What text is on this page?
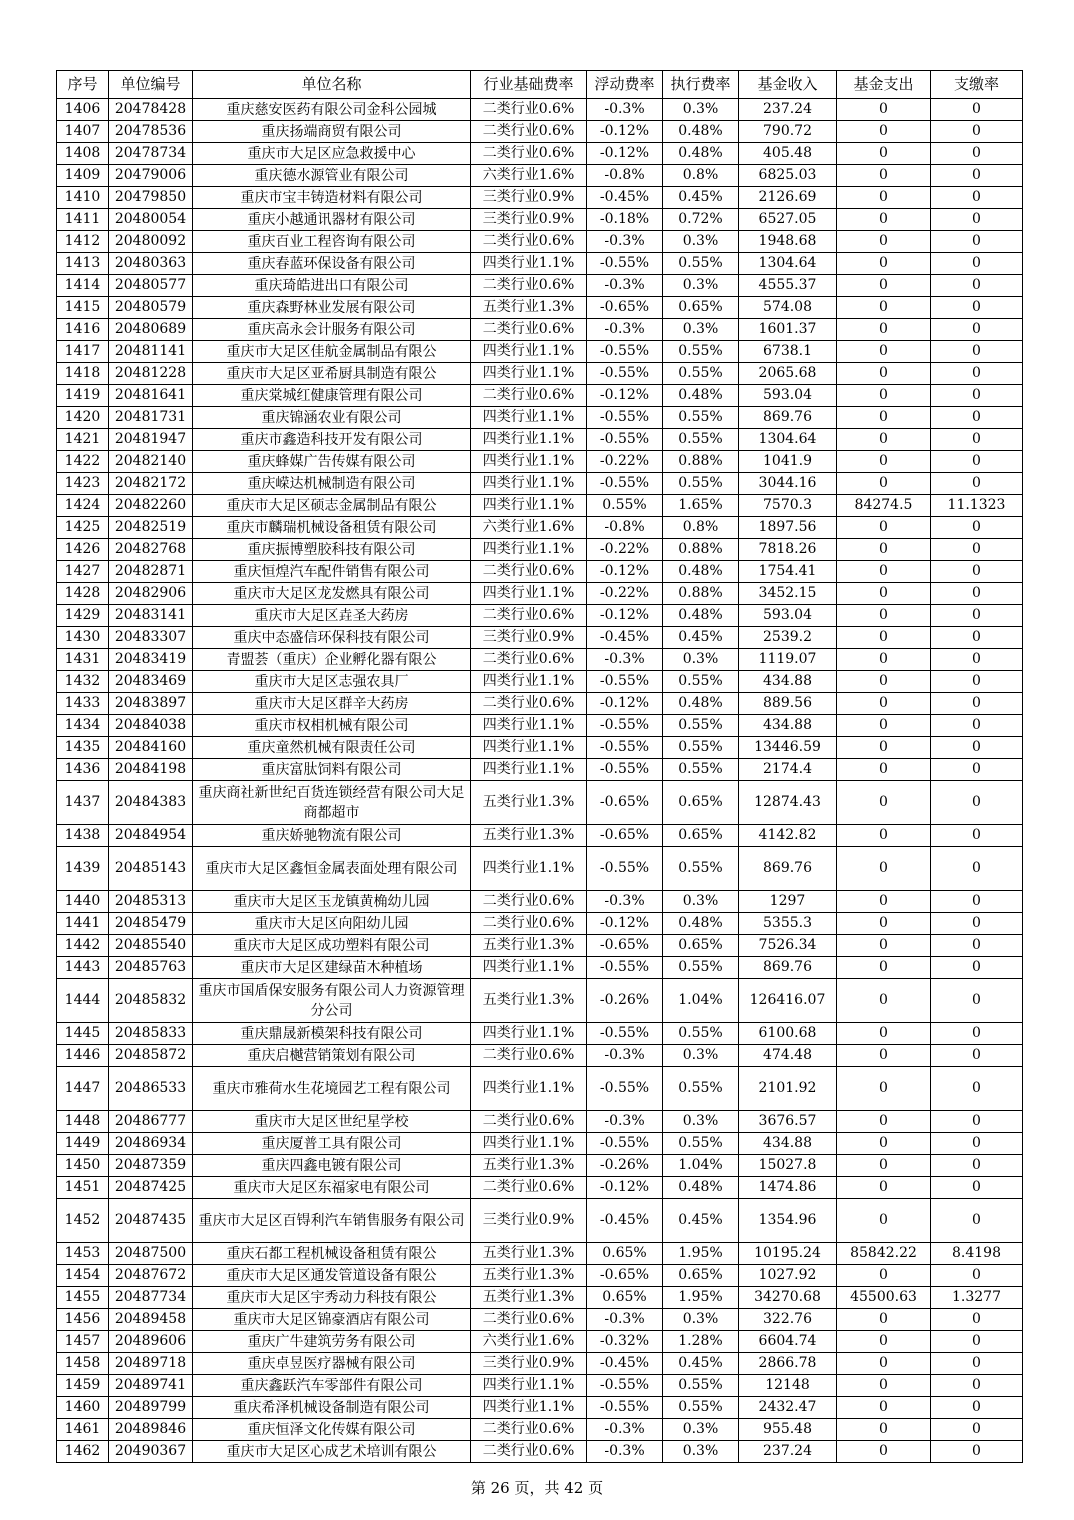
序号	单位编号	单位名称	行业基础费率	浮动费率	执行费率	基金收入	基金支出	支缴率
1406	20478428	重庆慈安医药有限公司金科公园城	二类行业0.6%	-0.3%	0.3%	237.24	0	0
1407	20478536	重庆扬端商贸有限公司	二类行业0.6%	-0.12%	0.48%	790.72	0	0
1408	20478734	重庆市大足区应急救援中心	二类行业0.6%	-0.12%	0.48%	405.48	0	0
1409	20479006	重庆德水源管业有限公司	六类行业1.6%	-0.8%	0.8%	6825.03	0	0
1410	20479850	重庆市宝丰铸造材料有限公司	三类行业0.9%	-0.45%	0.45%	2126.69	0	0
1411	20480054	重庆小越通讯器材有限公司	三类行业0.9%	-0.18%	0.72%	6527.05	0	0
1412	20480092	重庆百业工程咨询有限公司	二类行业0.6%	-0.3%	0.3%	1948.68	0	0
1413	20480363	重庆春蓝环保设备有限公司	四类行业1.1%	-0.55%	0.55%	1304.64	0	0
1414	20480577	重庆琦皓进出口有限公司	二类行业0.6%	-0.3%	0.3%	4555.37	0	0
1415	20480579	重庆森野林业发展有限公司	五类行业1.3%	-0.65%	0.65%	574.08	0	0
1416	20480689	重庆高永会计服务有限公司	二类行业0.6%	-0.3%	0.3%	1601.37	0	0
1417	20481141	重庆市大足区佳航金属制品有限公	四类行业1.1%	-0.55%	0.55%	6738.1	0	0
1418	20481228	重庆市大足区亚希厨具制造有限公	四类行业1.1%	-0.55%	0.55%	2065.68	0	0
1419	20481641	重庆棠城红健康管理有限公司	二类行业0.6%	-0.12%	0.48%	593.04	0	0
1420	20481731	重庆锦涵农业有限公司	四类行业1.1%	-0.55%	0.55%	869.76	0	0
1421	20481947	重庆市鑫造科技开发有限公司	四类行业1.1%	-0.55%	0.55%	1304.64	0	0
1422	20482140	重庆蜂媒广告传媒有限公司	四类行业1.1%	-0.22%	0.88%	1041.9	0	0
1423	20482172	重庆嵘达机械制造有限公司	四类行业1.1%	-0.55%	0.55%	3044.16	0	0
1424	20482260	重庆市大足区硕志金属制品有限公	四类行业1.1%	0.55%	1.65%	7570.3	84274.5	11.1323
1425	20482519	重庆市麟瑞机械设备租赁有限公司	六类行业1.6%	-0.8%	0.8%	1897.56	0	0
1426	20482768	重庆振博塑胶科技有限公司	四类行业1.1%	-0.22%	0.88%	7818.26	0	0
1427	20482871	重庆恒煌汽车配件销售有限公司	二类行业0.6%	-0.12%	0.48%	1754.41	0	0
1428	20482906	重庆市大足区龙发燃具有限公司	四类行业1.1%	-0.22%	0.88%	3452.15	0	0
1429	20483141	重庆市大足区垚圣大药房	二类行业0.6%	-0.12%	0.48%	593.04	0	0
1430	20483307	重庆中态盛信环保科技有限公司	三类行业0.9%	-0.45%	0.45%	2539.2	0	0
1431	20483419	青盟荟（重庆）企业孵化器有限公	二类行业0.6%	-0.3%	0.3%	1119.07	0	0
1432	20483469	重庆市大足区志强农具厂	四类行业1.1%	-0.55%	0.55%	434.88	0	0
1433	20483897	重庆市大足区群辛大药房	二类行业0.6%	-0.12%	0.48%	889.56	0	0
1434	20484038	重庆市权相机械有限公司	四类行业1.1%	-0.55%	0.55%	434.88	0	0
1435	20484160	重庆童然机械有限责任公司	四类行业1.1%	-0.55%	0.55%	13446.59	0	0
1436	20484198	重庆富肽饲料有限公司	四类行业1.1%	-0.55%	0.55%	2174.4	0	0
1437	20484383	重庆商社新世纪百货连锁经营有限公司大足商都超市	五类行业1.3%	-0.65%	0.65%	12874.43	0	0
1438	20484954	重庆娇驰物流有限公司	五类行业1.3%	-0.65%	0.65%	4142.82	0	0
1439	20485143	重庆市大足区鑫恒金属表面处理有限公司	四类行业1.1%	-0.55%	0.55%	869.76	0	0
1440	20485313	重庆市大足区玉龙镇黄桷幼儿园	二类行业0.6%	-0.3%	0.3%	1297	0	0
1441	20485479	重庆市大足区向阳幼儿园	二类行业0.6%	-0.12%	0.48%	5355.3	0	0
1442	20485540	重庆市大足区成功塑料有限公司	五类行业1.3%	-0.65%	0.65%	7526.34	0	0
1443	20485763	重庆市大足区建绿苗木种植场	四类行业1.1%	-0.55%	0.55%	869.76	0	0
1444	20485832	重庆市国盾保安服务有限公司人力资源管理分公司	五类行业1.3%	-0.26%	1.04%	126416.07	0	0
1445	20485833	重庆鼎晟新模架科技有限公司	四类行业1.1%	-0.55%	0.55%	6100.68	0	0
1446	20485872	重庆启樾营销策划有限公司	二类行业0.6%	-0.3%	0.3%	474.48	0	0
1447	20486533	重庆市雅荷水生花境园艺工程有限公司	四类行业1.1%	-0.55%	0.55%	2101.92	0	0
1448	20486777	重庆市大足区世纪星学校	二类行业0.6%	-0.3%	0.3%	3676.57	0	0
1449	20486934	重庆厦普工具有限公司	四类行业1.1%	-0.55%	0.55%	434.88	0	0
1450	20487359	重庆四鑫电镀有限公司	五类行业1.3%	-0.26%	1.04%	15027.8	0	0
1451	20487425	重庆市大足区东福家电有限公司	二类行业0.6%	-0.12%	0.48%	1474.86	0	0
1452	20487435	重庆市大足区百锝利汽车销售服务有限公司	三类行业0.9%	-0.45%	0.45%	1354.96	0	0
1453	20487500	重庆石都工程机械设备租赁有限公	五类行业1.3%	0.65%	1.95%	10195.24	85842.22	8.4198
1454	20487672	重庆市大足区通发管道设备有限公	五类行业1.3%	-0.65%	0.65%	1027.92	0	0
1455	20487734	重庆市大足区宇秀动力科技有限公	五类行业1.3%	0.65%	1.95%	34270.68	45500.63	1.3277
1456	20489458	重庆市大足区锦豪酒店有限公司	二类行业0.6%	-0.3%	0.3%	322.76	0	0
1457	20489606	重庆广牛建筑劳务有限公司	六类行业1.6%	-0.32%	1.28%	6604.74	0	0
1458	20489718	重庆卓昱医疗器械有限公司	三类行业0.9%	-0.45%	0.45%	2866.78	0	0
1459	20489741	重庆鑫跃汽车零部件有限公司	四类行业1.1%	-0.55%	0.55%	12148	0	0
1460	20489799	重庆希泽机械设备制造有限公司	四类行业1.1%	-0.55%	0.55%	2432.47	0	0
1461	20489846	重庆恒泽文化传媒有限公司	二类行业0.6%	-0.3%	0.3%	955.48	0	0
1462	20490367	重庆市大足区心成艺术培训有限公	二类行业0.6%	-0.3%	0.3%	237.24	0	0
第 26 页，共 42 页
